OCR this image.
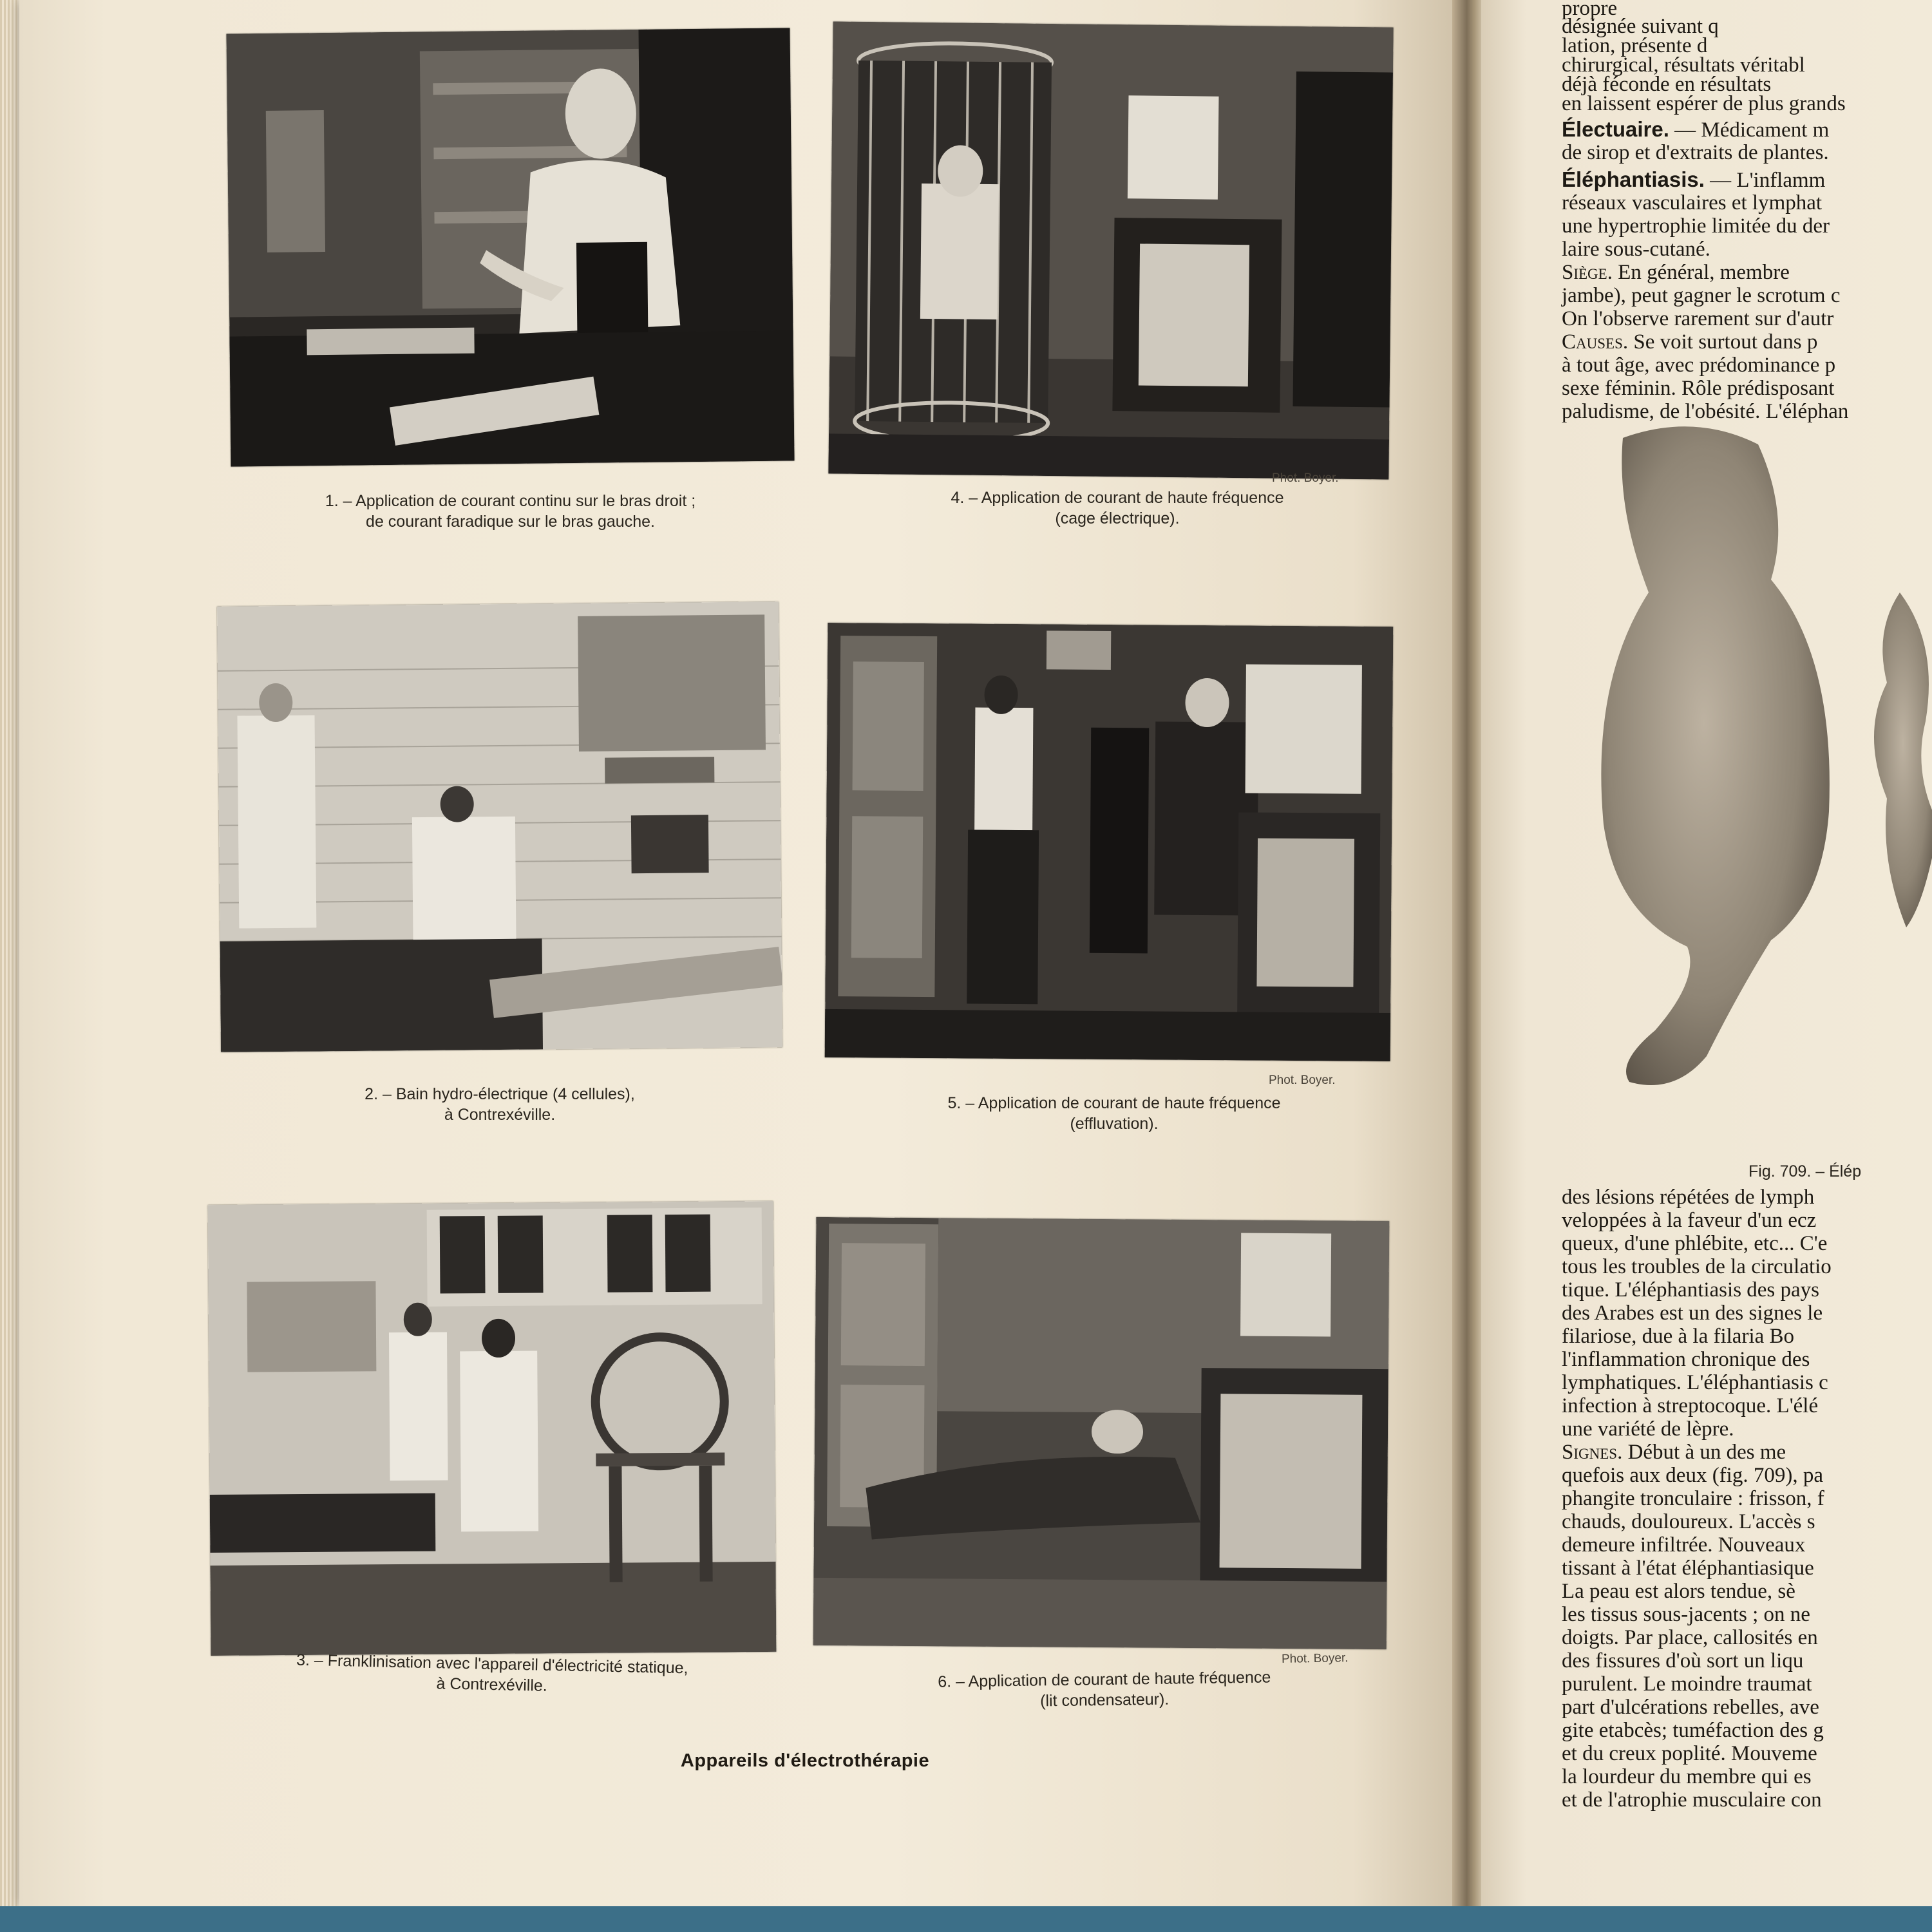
1. – Application de courant continu sur le bras droit ;
de courant faradique sur le bras gauche.
Phot. Boyer.
4. – Application de courant de haute fréquence
(cage électrique).
2. – Bain hydro-électrique (4 cellules),
à Contrexéville.
Phot. Boyer.
5. – Application de courant de haute fréquence
(effluvation).
3. – Franklinisation avec l'appareil d'électricité statique,
à Contrexéville.
Phot. Boyer.
6. – Application de courant de haute fréquence
(lit condensateur).
Appareils d'électrothérapie
propre
désignée suivant q
lation, présente d
chirurgical, résultats véritabl
déjà féconde en résultats
en laissent espérer de plus grands
Électuaire. — Médicament m
de sirop et d'extraits de plantes.
Éléphantiasis. — L'inflamm
réseaux vasculaires et lymphat
une hypertrophie limitée du der
laire sous-cutané.
Siège. En général, membre
jambe), peut gagner le scrotum c
On l'observe rarement sur d'autr
Causes. Se voit surtout dans p
à tout âge, avec prédominance p
sexe féminin. Rôle prédisposant
paludisme, de l'obésité. L'éléphan
Fig. 709. – Élép
des lésions répétées de lymph
veloppées à la faveur d'un ecz
queux, d'une phlébite, etc... C'e
tous les troubles de la circulatio
tique. L'éléphantiasis des pays
des Arabes est un des signes le
filariose, due à la filaria Bo
l'inflammation chronique des
lymphatiques. L'éléphantiasis c
infection à streptocoque. L'élé
une variété de lèpre.
Signes. Début à un des me
quefois aux deux (fig. 709), pa
phangite tronculaire : frisson, f
chauds, douloureux. L'accès s
demeure infiltrée. Nouveaux
tissant à l'état éléphantiasique
La peau est alors tendue, sè
les tissus sous-jacents ; on ne
doigts. Par place, callosités en
des fissures d'où sort un liqu
purulent. Le moindre traumat
part d'ulcérations rebelles, ave
gite etabcès; tuméfaction des g
et du creux poplité. Mouveme
la lourdeur du membre qui es
et de l'atrophie musculaire con
